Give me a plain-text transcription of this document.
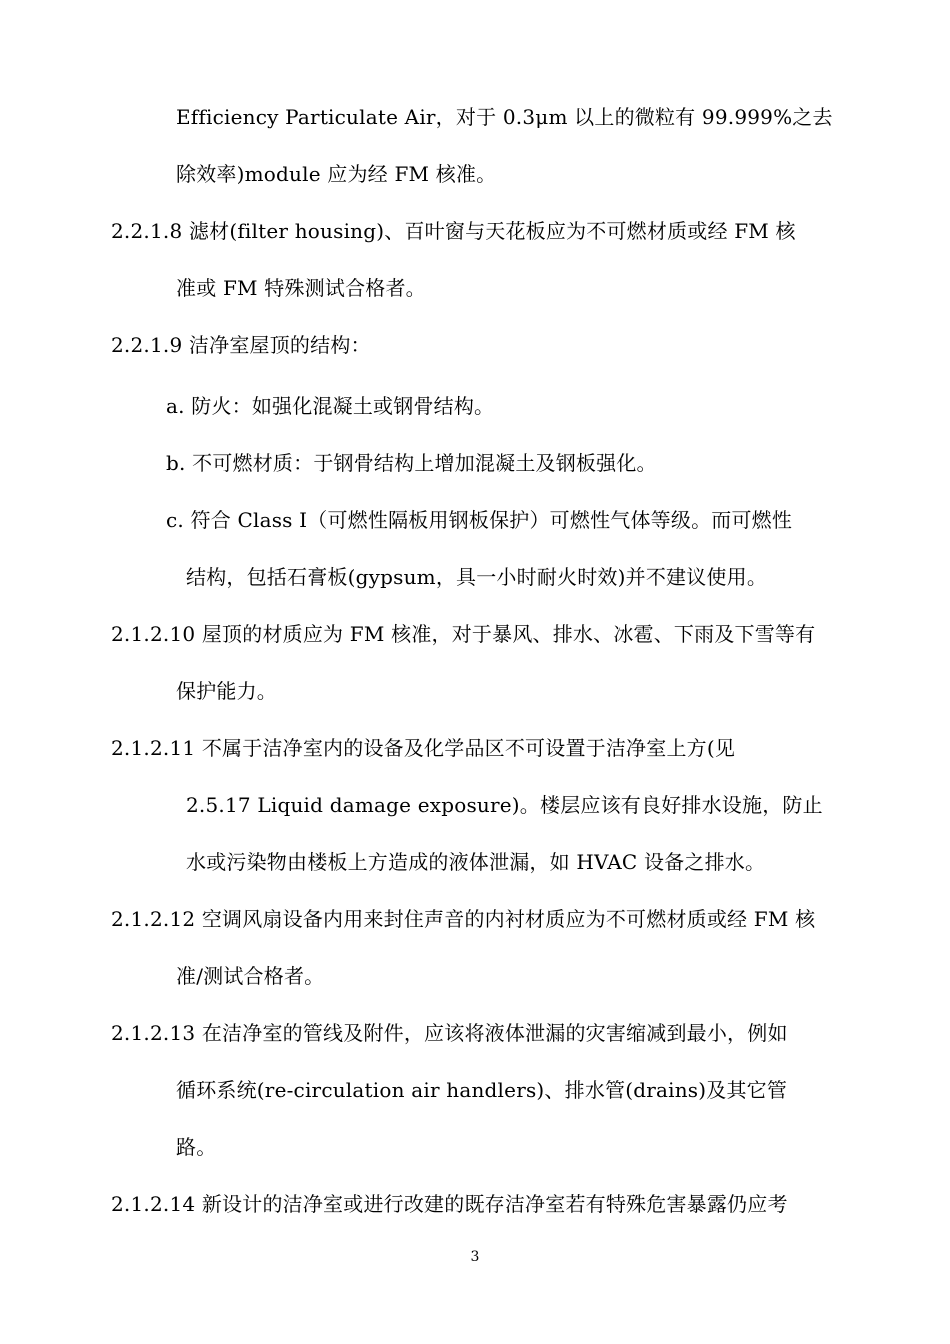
Efficiency Particulate Air，对于 0.3μm 以上的微粒有 99.999%之去
除效率)module 应为经 FM 核准。
2.2.1.8 滤材(filter housing)、百叶窗与天花板应为不可燃材质或经 FM 核
准或 FM 特殊测试合格者。
2.2.1.9 洁净室屋顶的结构：
a. 防火：如强化混凝土或钢骨结构。
b. 不可燃材质：于钢骨结构上增加混凝土及钢板强化。
c. 符合 Class I（可燃性隔板用钢板保护）可燃性气体等级。而可燃性
结构，包括石膏板(gypsum，具一小时耐火时效)并不建议使用。
2.1.2.10 屋顶的材质应为 FM 核准，对于暴风、排水、冰雹、下雨及下雪等有
保护能力。
2.1.2.11 不属于洁净室内的设备及化学品区不可设置于洁净室上方(见
2.5.17 Liquid damage exposure)。楼层应该有良好排水设施，防止
水或污染物由楼板上方造成的液体泄漏，如 HVAC 设备之排水。
2.1.2.12 空调风扇设备内用来封住声音的内衬材质应为不可燃材质或经 FM 核
准/测试合格者。
2.1.2.13 在洁净室的管线及附件，应该将液体泄漏的灾害缩减到最小，例如
循环系统(re-circulation air handlers)、排水管(drains)及其它管
路。
2.1.2.14 新设计的洁净室或进行改建的既存洁净室若有特殊危害暴露仍应考
3
